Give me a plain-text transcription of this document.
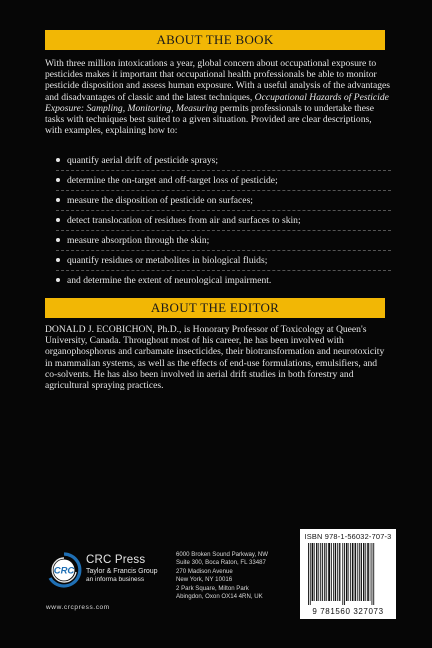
ABOUT THE BOOK
With three million intoxications a year, global concern about occupational exposure to pesticides makes it important that occupational health professionals be able to monitor pesticide disposition and assess human exposure. With a useful analysis of the advantages and disadvantages of classic and the latest techniques, Occupational Hazards of Pesticide Exposure: Sampling, Monitoring, Measuring permits professionals to undertake these tasks with techniques best suited to a given situation. Provided are clear descriptions, with examples, explaining how to:
quantify aerial drift of pesticide sprays;
determine the on-target and off-target loss of pesticide;
measure the disposition of pesticide on surfaces;
detect translocation of residues from air and surfaces to skin;
measure absorption through the skin;
quantify residues or metabolites in biological fluids;
and determine the extent of neurological impairment.
ABOUT THE EDITOR
DONALD J. ECOBICHON, Ph.D., is Honorary Professor of Toxicology at Queen's University, Canada. Throughout most of his career, he has been involved with organophosphorus and carbamate insecticides, their biotransformation and neurotoxicity in mammalian systems, as well as the effects of end-use formulations, emulsifiers, and co-solvents. He has also been involved in aerial drift studies in both forestry and agricultural spraying practices.
CRC
CRC Press
Taylor & Francis Group
an informa business
www.crcpress.com
6000 Broken Sound Parkway, NW
Suite 300, Boca Raton, FL 33487
270 Madison Avenue
New York, NY 10016
2 Park Square, Milton Park
Abingdon, Oxon OX14 4RN, UK
ISBN 978-1-56032-707-3
9 781560 327073
